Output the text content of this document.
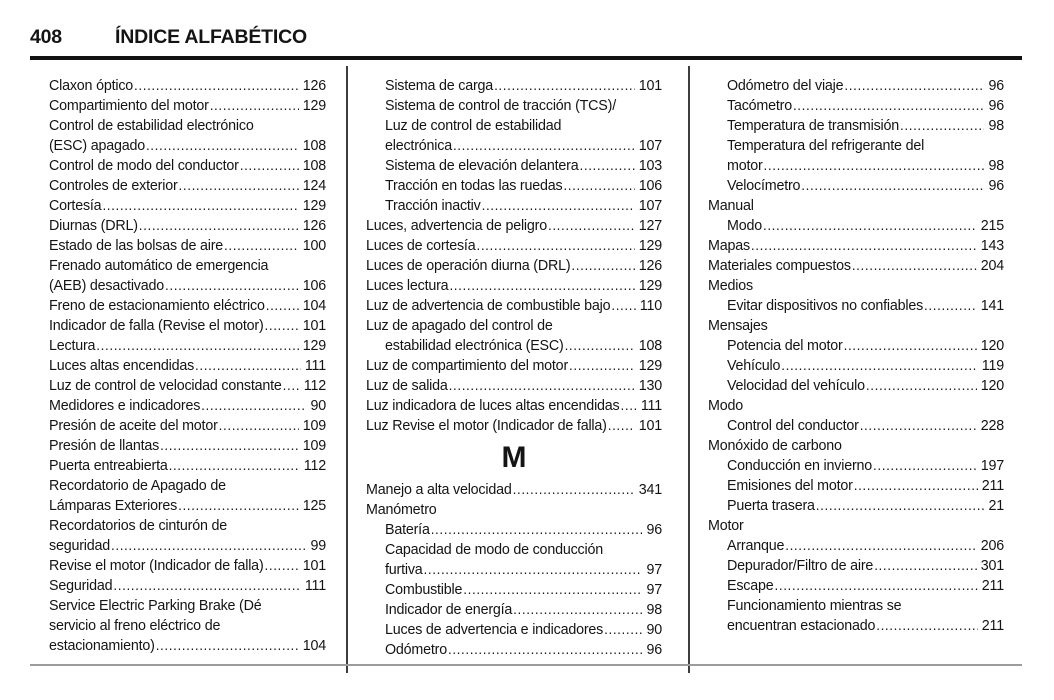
408	ÍNDICE ALFABÉTICO
Claxon óptico .....	126
Compartimiento del motor .....	129
Control de estabilidad electrónico
(ESC) apagado .....	108
Control de modo del conductor .....	108
Controles de exterior .....	124
Cortesía .....	129
Diurnas (DRL) .....	126
Estado de las bolsas de aire .....	100
Frenado automático de emergencia
(AEB) desactivado .....	106
Freno de estacionamiento eléctrico .....	104
Indicador de falla (Revise el motor) .....	101
Lectura .....	129
Luces altas encendidas .....	111
Luz de control de velocidad constante ..... 112
Medidores e indicadores .....	90
Presión de aceite del motor .....	109
Presión de llantas .....	109
Puerta entreabierta .....	112
Recordatorio de Apagado de
Lámparas Exteriores .....	125
Recordatorios de cinturón de
seguridad .....	99
Revise el motor (Indicador de falla) .....	101
Seguridad .....	111
Service Electric Parking Brake (Dé
servicio al freno eléctrico de
estacionamiento) .....	104
Sistema de carga .....	101
Sistema de control de tracción (TCS)/
Luz de control de estabilidad
electrónica .....	107
Sistema de elevación delantera .....	103
Tracción en todas las ruedas .....	106
Tracción inactiv .....	107
Luces, advertencia de peligro .....	127
Luces de cortesía .....	129
Luces de operación diurna (DRL) .....	126
Luces lectura .....	129
Luz de advertencia de combustible bajo ..... 110
Luz de apagado del control de
estabilidad electrónica (ESC) .....	108
Luz de compartimiento del motor .....	129
Luz de salida .....	130
Luz indicadora de luces altas encendidas ..... 111
Luz Revise el motor (Indicador de falla) ..... 101
M
Manejo a alta velocidad .....	341
Manómetro
Batería .....	96
Capacidad de modo de conducción
furtiva .....	97
Combustible .....	97
Indicador de energía .....	98
Luces de advertencia e indicadores .....	90
Odómetro .....	96
Odómetro del viaje .....	96
Tacómetro .....	96
Temperatura de transmisión .....	98
Temperatura del refrigerante del
motor .....	98
Velocímetro .....	96
Manual
Modo .....	215
Mapas .....	143
Materiales compuestos .....	204
Medios
Evitar dispositivos no confiables .....	141
Mensajes
Potencia del motor .....	120
Vehículo .....	119
Velocidad del vehículo .....	120
Modo
Control del conductor .....	228
Monóxido de carbono
Conducción en invierno .....	197
Emisiones del motor .....	211
Puerta trasera .....	21
Motor
Arranque .....	206
Depurador/Filtro de aire .....	301
Escape .....	211
Funcionamiento mientras se
encuentran estacionado .....	211
